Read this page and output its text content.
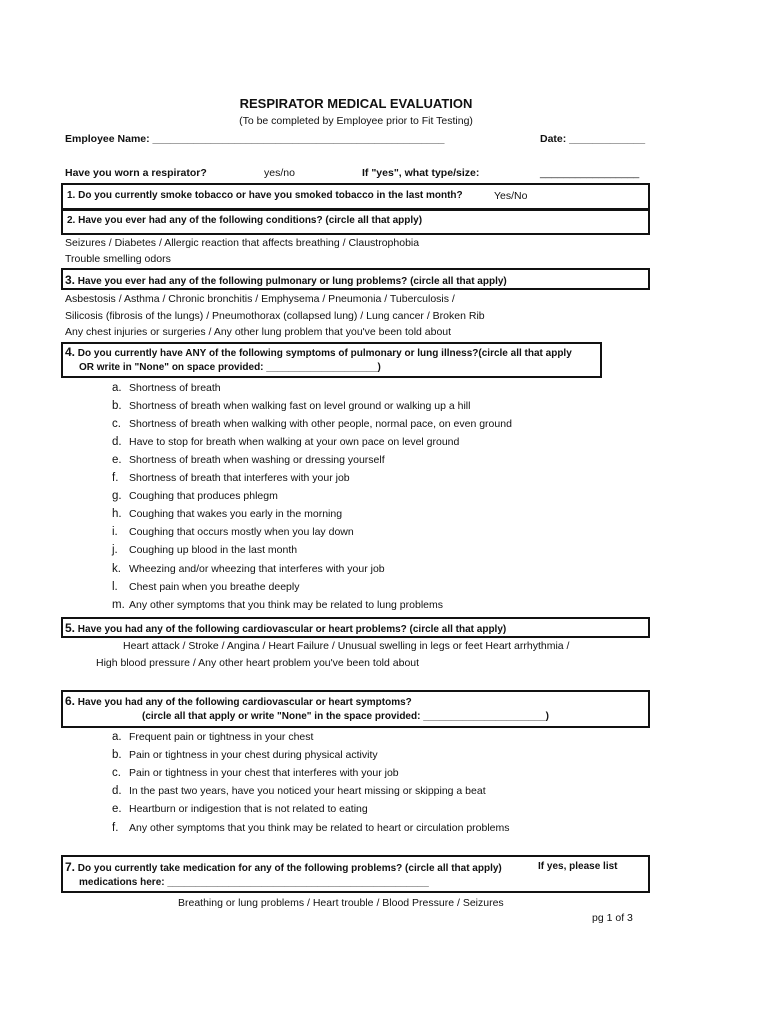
RESPIRATOR MEDICAL EVALUATION
(To be completed by Employee prior to Fit Testing)
Employee Name: __________________________________________________	Date: _____________
Have you worn a respirator?	yes/no	If "yes", what type/size:	_________________
1. Do you currently smoke tobacco or have you smoked tobacco in the last month?	Yes/No
2. Have you ever had any of the following conditions? (circle all that apply)
Seizures / Diabetes / Allergic reaction that affects breathing / Claustrophobia
Trouble smelling odors
3. Have you ever had any of the following pulmonary or lung problems? (circle all that apply)
Asbestosis / Asthma / Chronic bronchitis / Emphysema / Pneumonia / Tuberculosis /
Silicosis (fibrosis of the lungs) / Pneumothorax (collapsed lung) / Lung cancer / Broken Rib
Any chest injuries or surgeries / Any other lung problem that you've been told about
4. Do you currently have ANY of the following symptoms of pulmonary or lung illness?(circle all that apply
OR write in "None" on space provided: ____________________)
a. Shortness of breath
b. Shortness of breath when walking fast on level ground or walking up a hill
c. Shortness of breath when walking with other people, normal pace, on even ground
d. Have to stop for breath when walking at your own pace on level ground
e. Shortness of breath when washing or dressing yourself
f.	Shortness of breath that interferes with your job
g. Coughing that produces phlegm
h. Coughing that wakes you early in the morning
i.	Coughing that occurs mostly when you lay down
j.	Coughing up blood in the last month
k. Wheezing and/or wheezing that interferes with your job
l.	Chest pain when you breathe deeply
m. Any other symptoms that you think may be related to lung problems
5. Have you had any of the following cardiovascular or heart problems? (circle all that apply)
Heart attack / Stroke / Angina / Heart Failure / Unusual swelling in legs or feet Heart arrhythmia /
High blood pressure / Any other heart problem you've been told about
6. Have you had any of the following cardiovascular or heart symptoms?
(circle all that apply or write "None" in the space provided: ______________________)
a. Frequent pain or tightness in your chest
b. Pain or tightness in your chest during physical activity
c. Pain or tightness in your chest that interferes with your job
d. In the past two years, have you noticed your heart missing or skipping a beat
e. Heartburn or indigestion that is not related to eating
f.	Any other symptoms that you think may be related to heart or circulation problems
7. Do you currently take medication for any of the following problems? (circle all that apply)	If yes, please list
medications here: _______________________________________________
Breathing or lung problems / Heart trouble / Blood Pressure / Seizures
pg 1 of 3
